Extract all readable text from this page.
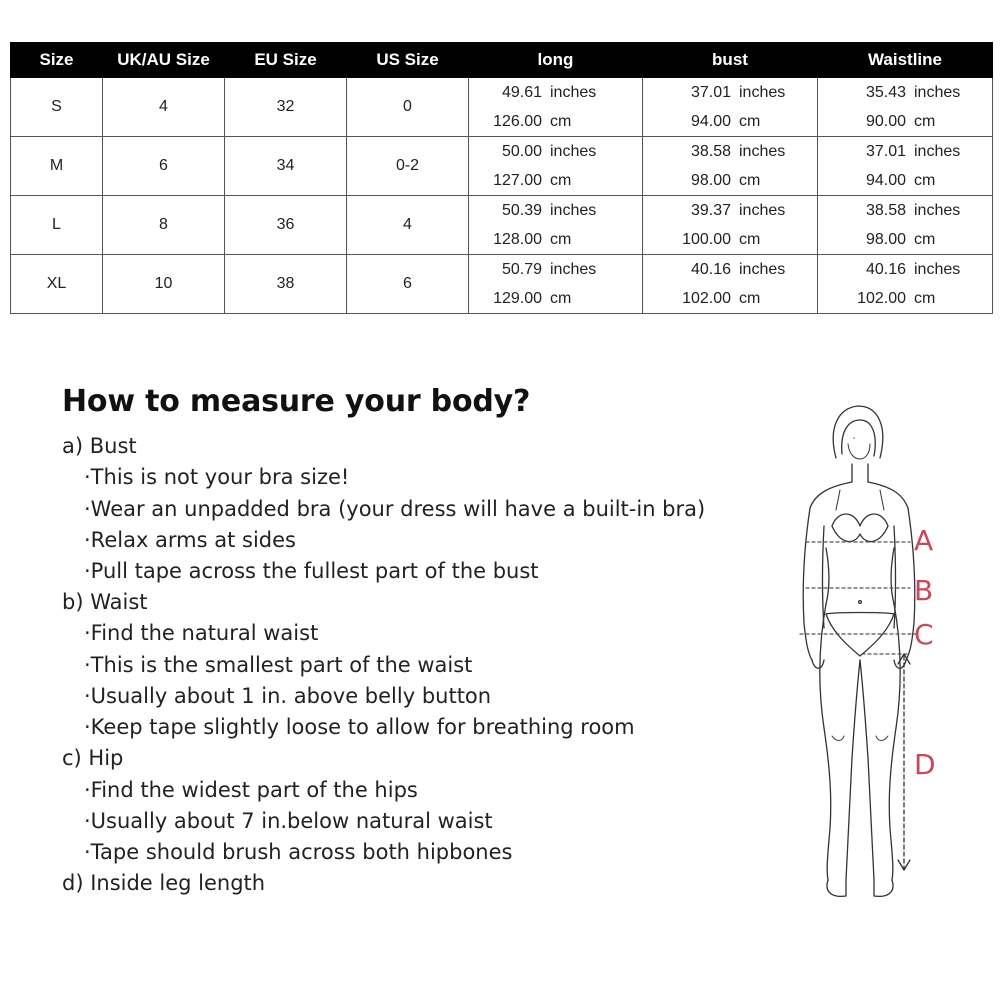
Size	UK/AU Size	EU Size	US Size	long	bust	Waistline
S	4	32	0	49.61 inches	37.01 inches	35.43 inches
				126.00 cm	94.00 cm	90.00 cm
M	6	34	0-2	50.00 inches	38.58 inches	37.01 inches
				127.00 cm	98.00 cm	94.00 cm
L	8	36	4	50.39 inches	39.37 inches	38.58 inches
				128.00 cm	100.00 cm	98.00 cm
XL	10	38	6	50.79 inches	40.16 inches	40.16 inches
				129.00 cm	102.00 cm	102.00 cm
How to measure your body?
a) Bust
·This is not your bra size!
·Wear an unpadded bra (your dress will have a built-in bra)
·Relax arms at sides
·Pull tape across the fullest part of the bust
b) Waist
·Find the natural waist
·This is the smallest part of the waist
·Usually about 1 in. above belly button
·Keep tape slightly loose to allow for breathing room
c) Hip
·Find the widest part of the hips
·Usually about 7 in.below natural waist
·Tape should brush across both hipbones
d) Inside leg length
A
B
C
D
